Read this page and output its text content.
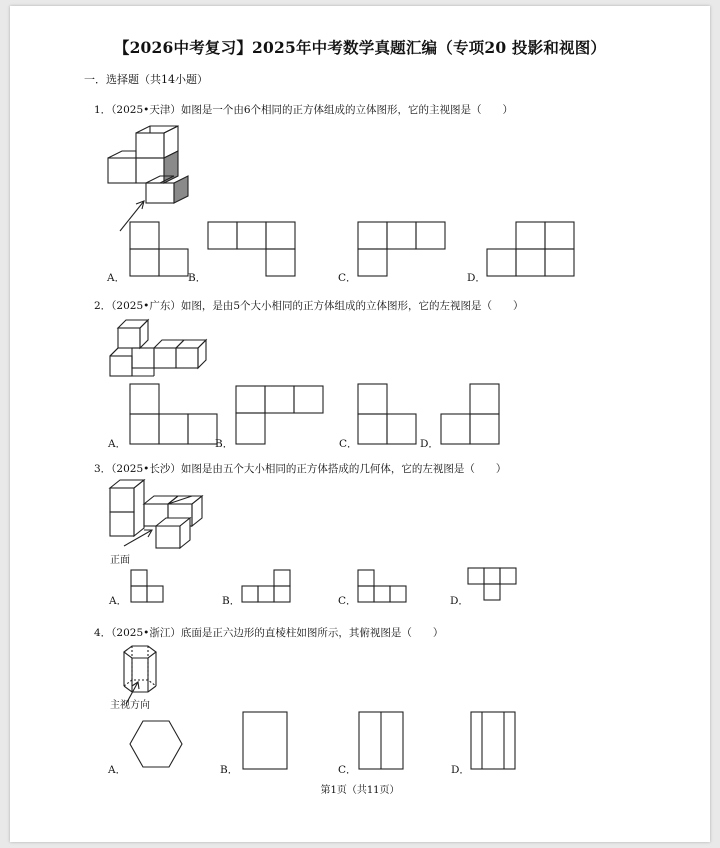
【2026中考复习】2025年中考数学真题汇编（专项20 投影和视图）
一．选择题（共14小题）
1．（2025•天津）如图是一个由6个相同的正方体组成的立体图形，它的主视图是（　　）
A．	B．	C．	D．
2．（2025•广东）如图，是由5个大小相同的正方体组成的立体图形，它的左视图是（　　）
A．	B．	C．	D．
3．（2025•长沙）如图是由五个大小相同的正方体搭成的几何体，它的左视图是（　　）
正面
A．	B．	C．	D．
4．（2025•浙江）底面是正六边形的直棱柱如图所示，其俯视图是（　　）
主视方向
A．	B．	C．	D．
第1页（共11页）
